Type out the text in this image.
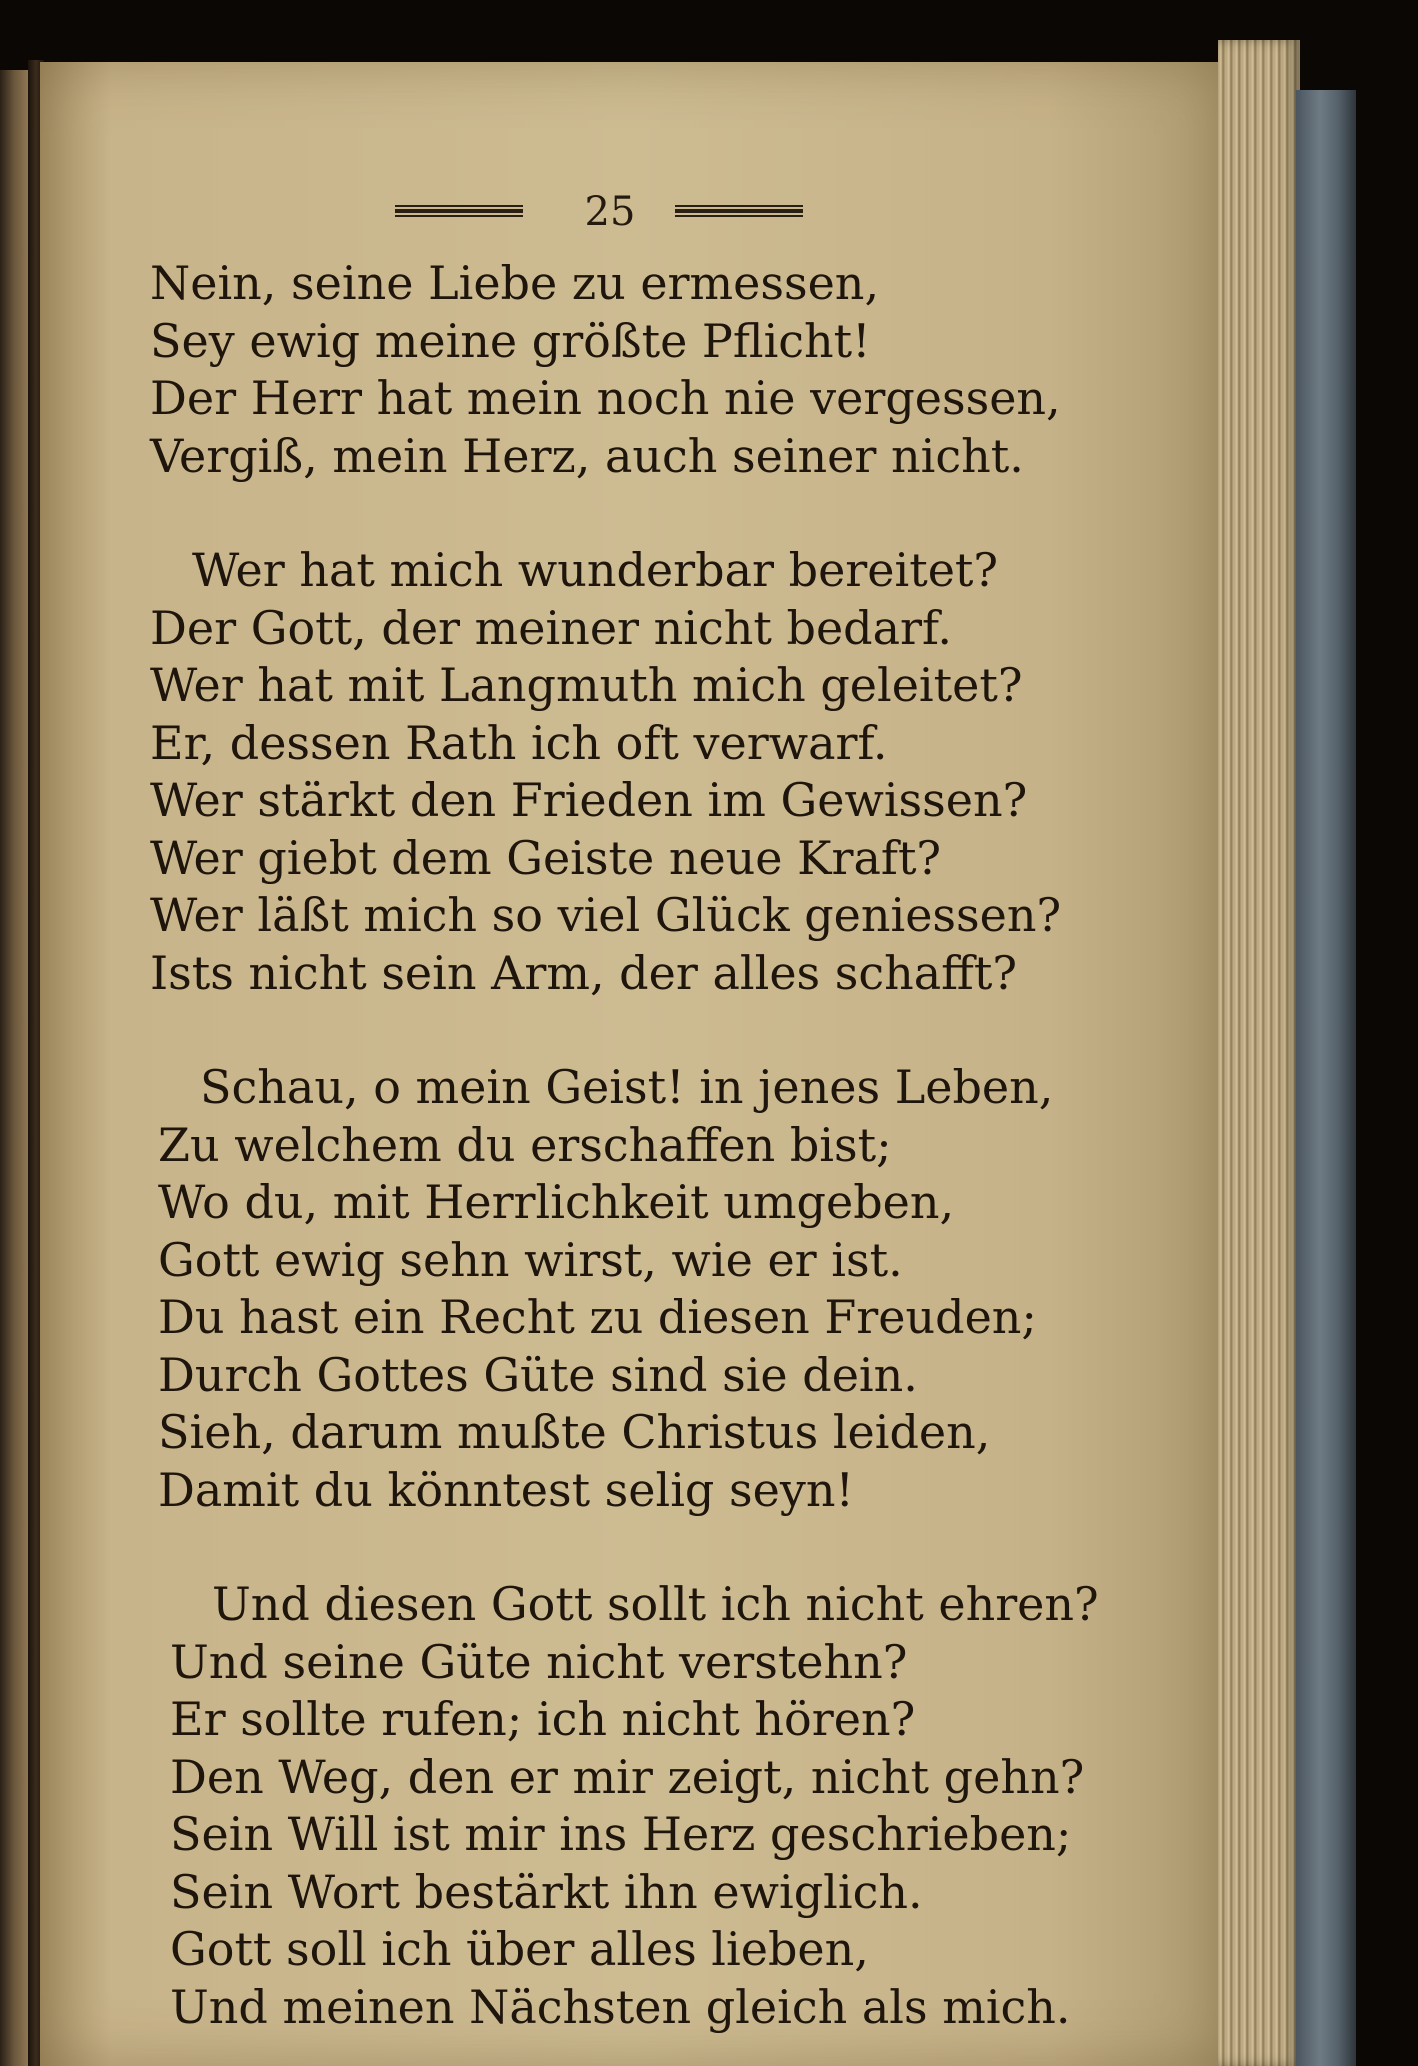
25
Nein, seine Liebe zu ermessen,
Sey ewig meine größte Pflicht!
Der Herr hat mein noch nie vergessen,
Vergiß, mein Herz, auch seiner nicht.
Wer hat mich wunderbar bereitet?
Der Gott, der meiner nicht bedarf.
Wer hat mit Langmuth mich geleitet?
Er, dessen Rath ich oft verwarf.
Wer stärkt den Frieden im Gewissen?
Wer giebt dem Geiste neue Kraft?
Wer läßt mich so viel Glück geniessen?
Ists nicht sein Arm, der alles schafft?
Schau, o mein Geist! in jenes Leben,
Zu welchem du erschaffen bist;
Wo du, mit Herrlichkeit umgeben,
Gott ewig sehn wirst, wie er ist.
Du hast ein Recht zu diesen Freuden;
Durch Gottes Güte sind sie dein.
Sieh, darum mußte Christus leiden,
Damit du könntest selig seyn!
Und diesen Gott sollt ich nicht ehren?
Und seine Güte nicht verstehn?
Er sollte rufen; ich nicht hören?
Den Weg, den er mir zeigt, nicht gehn?
Sein Will ist mir ins Herz geschrieben;
Sein Wort bestärkt ihn ewiglich.
Gott soll ich über alles lieben,
Und meinen Nächsten gleich als mich.
